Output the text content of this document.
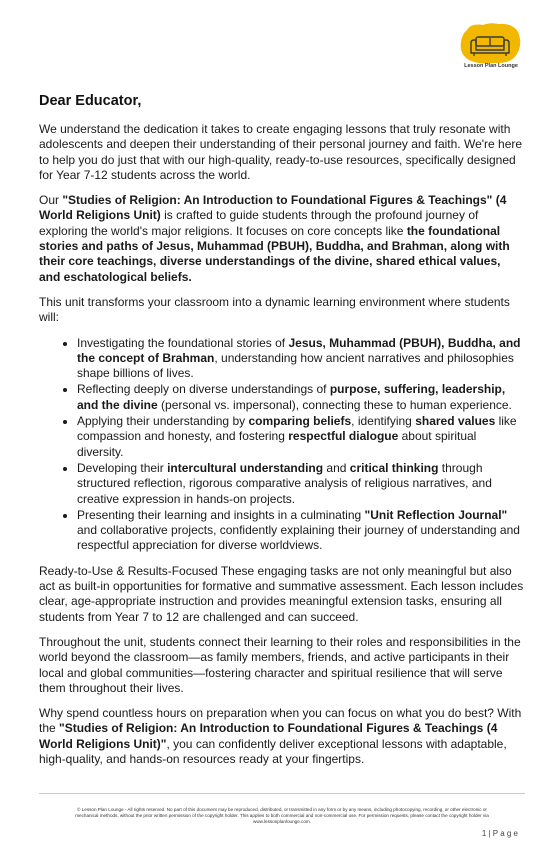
Lesson Plan Lounge
Dear Educator,

We understand the dedication it takes to create engaging lessons that truly resonate with adolescents and deepen their understanding of their personal journey and faith. We're here to help you do just that with our high-quality, ready-to-use resources, specifically designed for Year 7-12 students across the world.

Our "Studies of Religion: An Introduction to Foundational Figures & Teachings" (4 World Religions Unit) is crafted to guide students through the profound journey of exploring the world's major religions. It focuses on core concepts like the foundational stories and paths of Jesus, Muhammad (PBUH), Buddha, and Brahman, along with their core teachings, diverse understandings of the divine, shared ethical values, and eschatological beliefs.

This unit transforms your classroom into a dynamic learning environment where students will:

• Investigating the foundational stories of Jesus, Muhammad (PBUH), Buddha, and the concept of Brahman, understanding how ancient narratives and philosophies shape billions of lives.
• Reflecting deeply on diverse understandings of purpose, suffering, leadership, and the divine (personal vs. impersonal), connecting these to human experience.
• Applying their understanding by comparing beliefs, identifying shared values like compassion and honesty, and fostering respectful dialogue about spiritual diversity.
• Developing their intercultural understanding and critical thinking through structured reflection, rigorous comparative analysis of religious narratives, and creative expression in hands-on projects.
• Presenting their learning and insights in a culminating "Unit Reflection Journal" and collaborative projects, confidently explaining their journey of understanding and respectful appreciation for diverse worldviews.

Ready-to-Use & Results-Focused These engaging tasks are not only meaningful but also act as built-in opportunities for formative and summative assessment. Each lesson includes clear, age-appropriate instruction and provides meaningful extension tasks, ensuring all students from Year 7 to 12 are challenged and can succeed.

Throughout the unit, students connect their learning to their roles and responsibilities in the world beyond the classroom—as family members, friends, and active participants in their local and global communities—fostering character and spiritual resilience that will serve them throughout their lives.

Why spend countless hours on preparation when you can focus on what you do best? With the "Studies of Religion: An Introduction to Foundational Figures & Teachings (4 World Religions Unit)", you can confidently deliver exceptional lessons with adaptable, high-quality, and hands-on resources ready at your fingertips.

© Lesson Plan Lounge - All rights reserved. No part of this document may be reproduced, distributed, or transmitted in any form or by any means, including photocopying, recording, or other electronic or
mechanical methods, without the prior written permission of the copyright holder. This applies to both commercial and non-commercial use. For permission requests, please contact the copyright holder via
www.lessonplanlounge.com.
1 | P a g e
